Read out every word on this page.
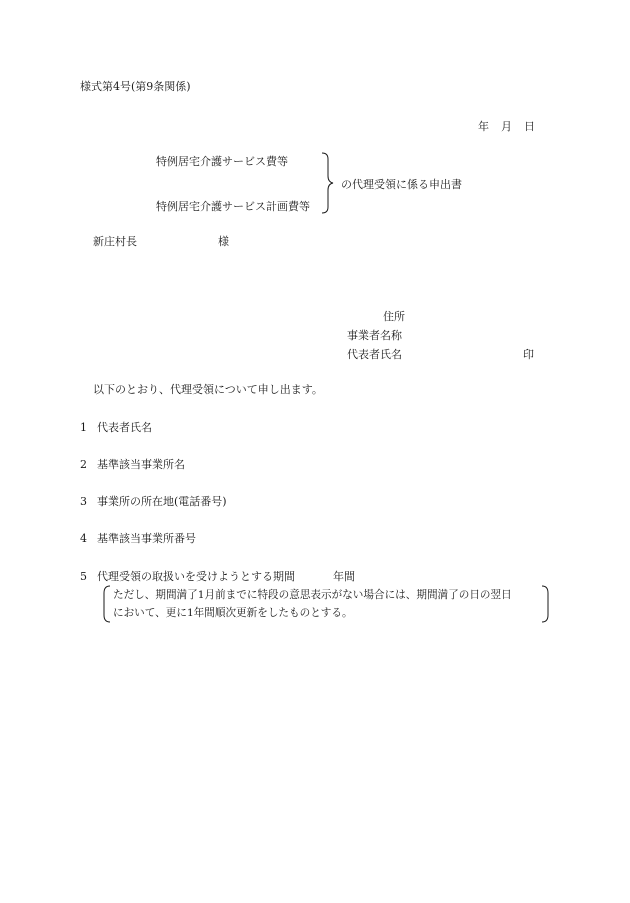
様式第4号(第9条関係)
年 月 日
特例居宅介護サービス費等
特例居宅介護サービス計画費等
の代理受領に係る申出書
新庄村長	様
住所
事業者名称
代表者氏名	印
以下のとおり、代理受領について申し出ます。
1 代表者氏名
2 基準該当事業所名
3 事業所の所在地(電話番号)
4 基準該当事業所番号
5 代理受領の取扱いを受けようとする期間	年間
ただし、期間満了1月前までに特段の意思表示がない場合には、期間満了の日の翌日
において、更に1年間順次更新をしたものとする。
